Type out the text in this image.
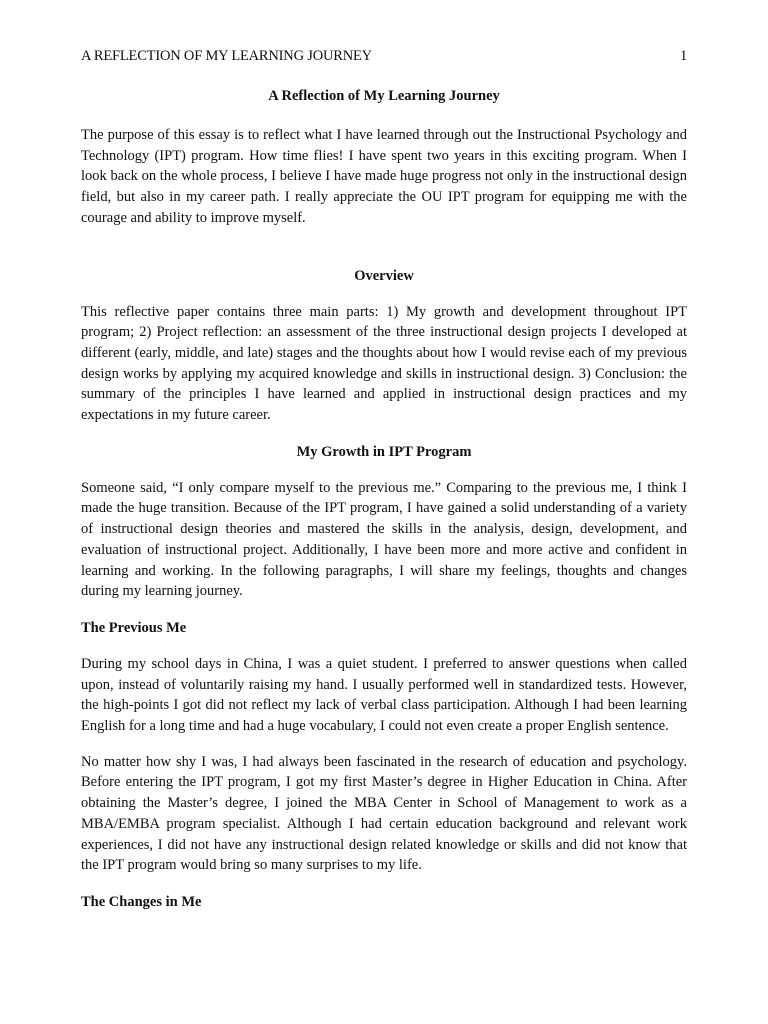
A REFLECTION OF MY LEARNING JOURNEY	1
A Reflection of My Learning Journey

The purpose of this essay is to reflect what I have learned through out the Instructional Psychology and Technology (IPT) program. How time flies! I have spent two years in this exciting program. When I look back on the whole process, I believe I have made huge progress not only in the instructional design field, but also in my career path. I really appreciate the OU IPT program for equipping me with the courage and ability to improve myself.

Overview

This reflective paper contains three main parts: 1) My growth and development throughout IPT program; 2) Project reflection: an assessment of the three instructional design projects I developed at different (early, middle, and late) stages and the thoughts about how I would revise each of my previous design works by applying my acquired knowledge and skills in instructional design. 3) Conclusion: the summary of the principles I have learned and applied in instructional design practices and my expectations in my future career.

My Growth in IPT Program

Someone said, “I only compare myself to the previous me.” Comparing to the previous me, I think I made the huge transition. Because of the IPT program, I have gained a solid understanding of a variety of instructional design theories and mastered the skills in the analysis, design, development, and evaluation of instructional project. Additionally, I have been more and more active and confident in learning and working. In the following paragraphs, I will share my feelings, thoughts and changes during my learning journey.

The Previous Me

During my school days in China, I was a quiet student. I preferred to answer questions when called upon, instead of voluntarily raising my hand. I usually performed well in standardized tests. However, the high-points I got did not reflect my lack of verbal class participation. Although I had been learning English for a long time and had a huge vocabulary, I could not even create a proper English sentence.

No matter how shy I was, I had always been fascinated in the research of education and psychology. Before entering the IPT program, I got my first Master’s degree in Higher Education in China. After obtaining the Master’s degree, I joined the MBA Center in School of Management to work as a MBA/EMBA program specialist. Although I had certain education background and relevant work experiences, I did not have any instructional design related knowledge or skills and did not know that the IPT program would bring so many surprises to my life.

The Changes in Me
